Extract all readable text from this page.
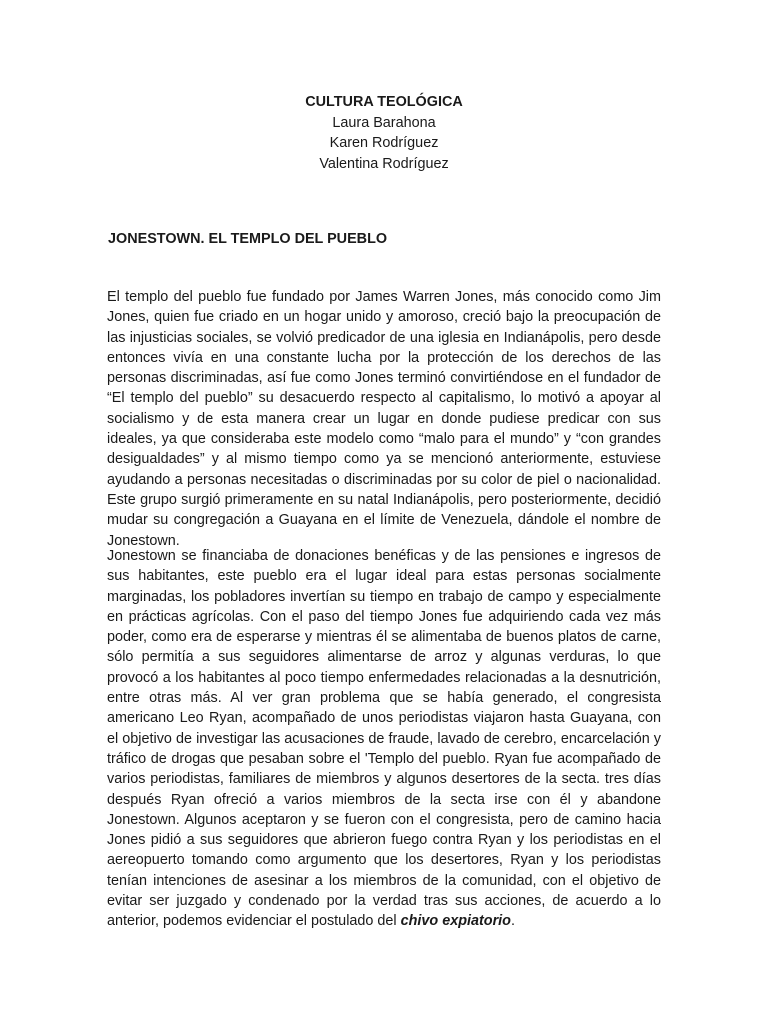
CULTURA TEOLÓGICA
Laura Barahona
Karen Rodríguez
Valentina Rodríguez
JONESTOWN. EL TEMPLO DEL PUEBLO

El templo del pueblo fue fundado por James Warren Jones, más conocido como Jim Jones, quien fue criado en un hogar unido y amoroso, creció bajo la preocupación de las injusticias sociales, se volvió predicador de una iglesia en Indianápolis, pero desde entonces vivía en una constante lucha por la protección de los derechos de las personas discriminadas, así fue como Jones terminó convirtiéndose en el fundador de “El templo del pueblo” su desacuerdo respecto al capitalismo, lo motivó a apoyar al socialismo y de esta manera crear un lugar en donde pudiese predicar con sus ideales, ya que consideraba este modelo como “malo para el mundo” y “con grandes desigualdades” y al mismo tiempo como ya se mencionó anteriormente, estuviese ayudando a personas necesitadas o discriminadas por su color de piel o nacionalidad. Este grupo surgió primeramente en su natal Indianápolis, pero posteriormente, decidió mudar su congregación a Guayana en el límite de Venezuela, dándole el nombre de Jonestown.

Jonestown se financiaba de donaciones benéficas y de las pensiones e ingresos de sus habitantes, este pueblo era el lugar ideal para estas personas socialmente marginadas, los pobladores invertían su tiempo en trabajo de campo y especialmente en prácticas agrícolas. Con el paso del tiempo Jones fue adquiriendo cada vez más poder, como era de esperarse y mientras él se alimentaba de buenos platos de carne, sólo permitía a sus seguidores alimentarse de arroz y algunas verduras, lo que provocó a los habitantes al poco tiempo enfermedades relacionadas a la desnutrición, entre otras más. Al ver gran problema que se había generado, el congresista americano Leo Ryan, acompañado de unos periodistas viajaron hasta Guayana, con el objetivo de investigar las acusaciones de fraude, lavado de cerebro, encarcelación y tráfico de drogas que pesaban sobre el 'Templo del pueblo. Ryan fue acompañado de varios periodistas, familiares de miembros y algunos desertores de la secta. tres días después Ryan ofreció a varios miembros de la secta irse con él y abandone Jonestown. Algunos aceptaron y se fueron con el congresista, pero de camino hacia Jones pidió a sus seguidores que abrieron fuego contra Ryan y los periodistas en el aereopuerto tomando como argumento que los desertores, Ryan y los periodistas tenían intenciones de asesinar a los miembros de la comunidad, con el objetivo de evitar ser juzgado y condenado por la verdad tras sus acciones, de acuerdo a lo anterior, podemos evidenciar el postulado del chivo expiatorio.
